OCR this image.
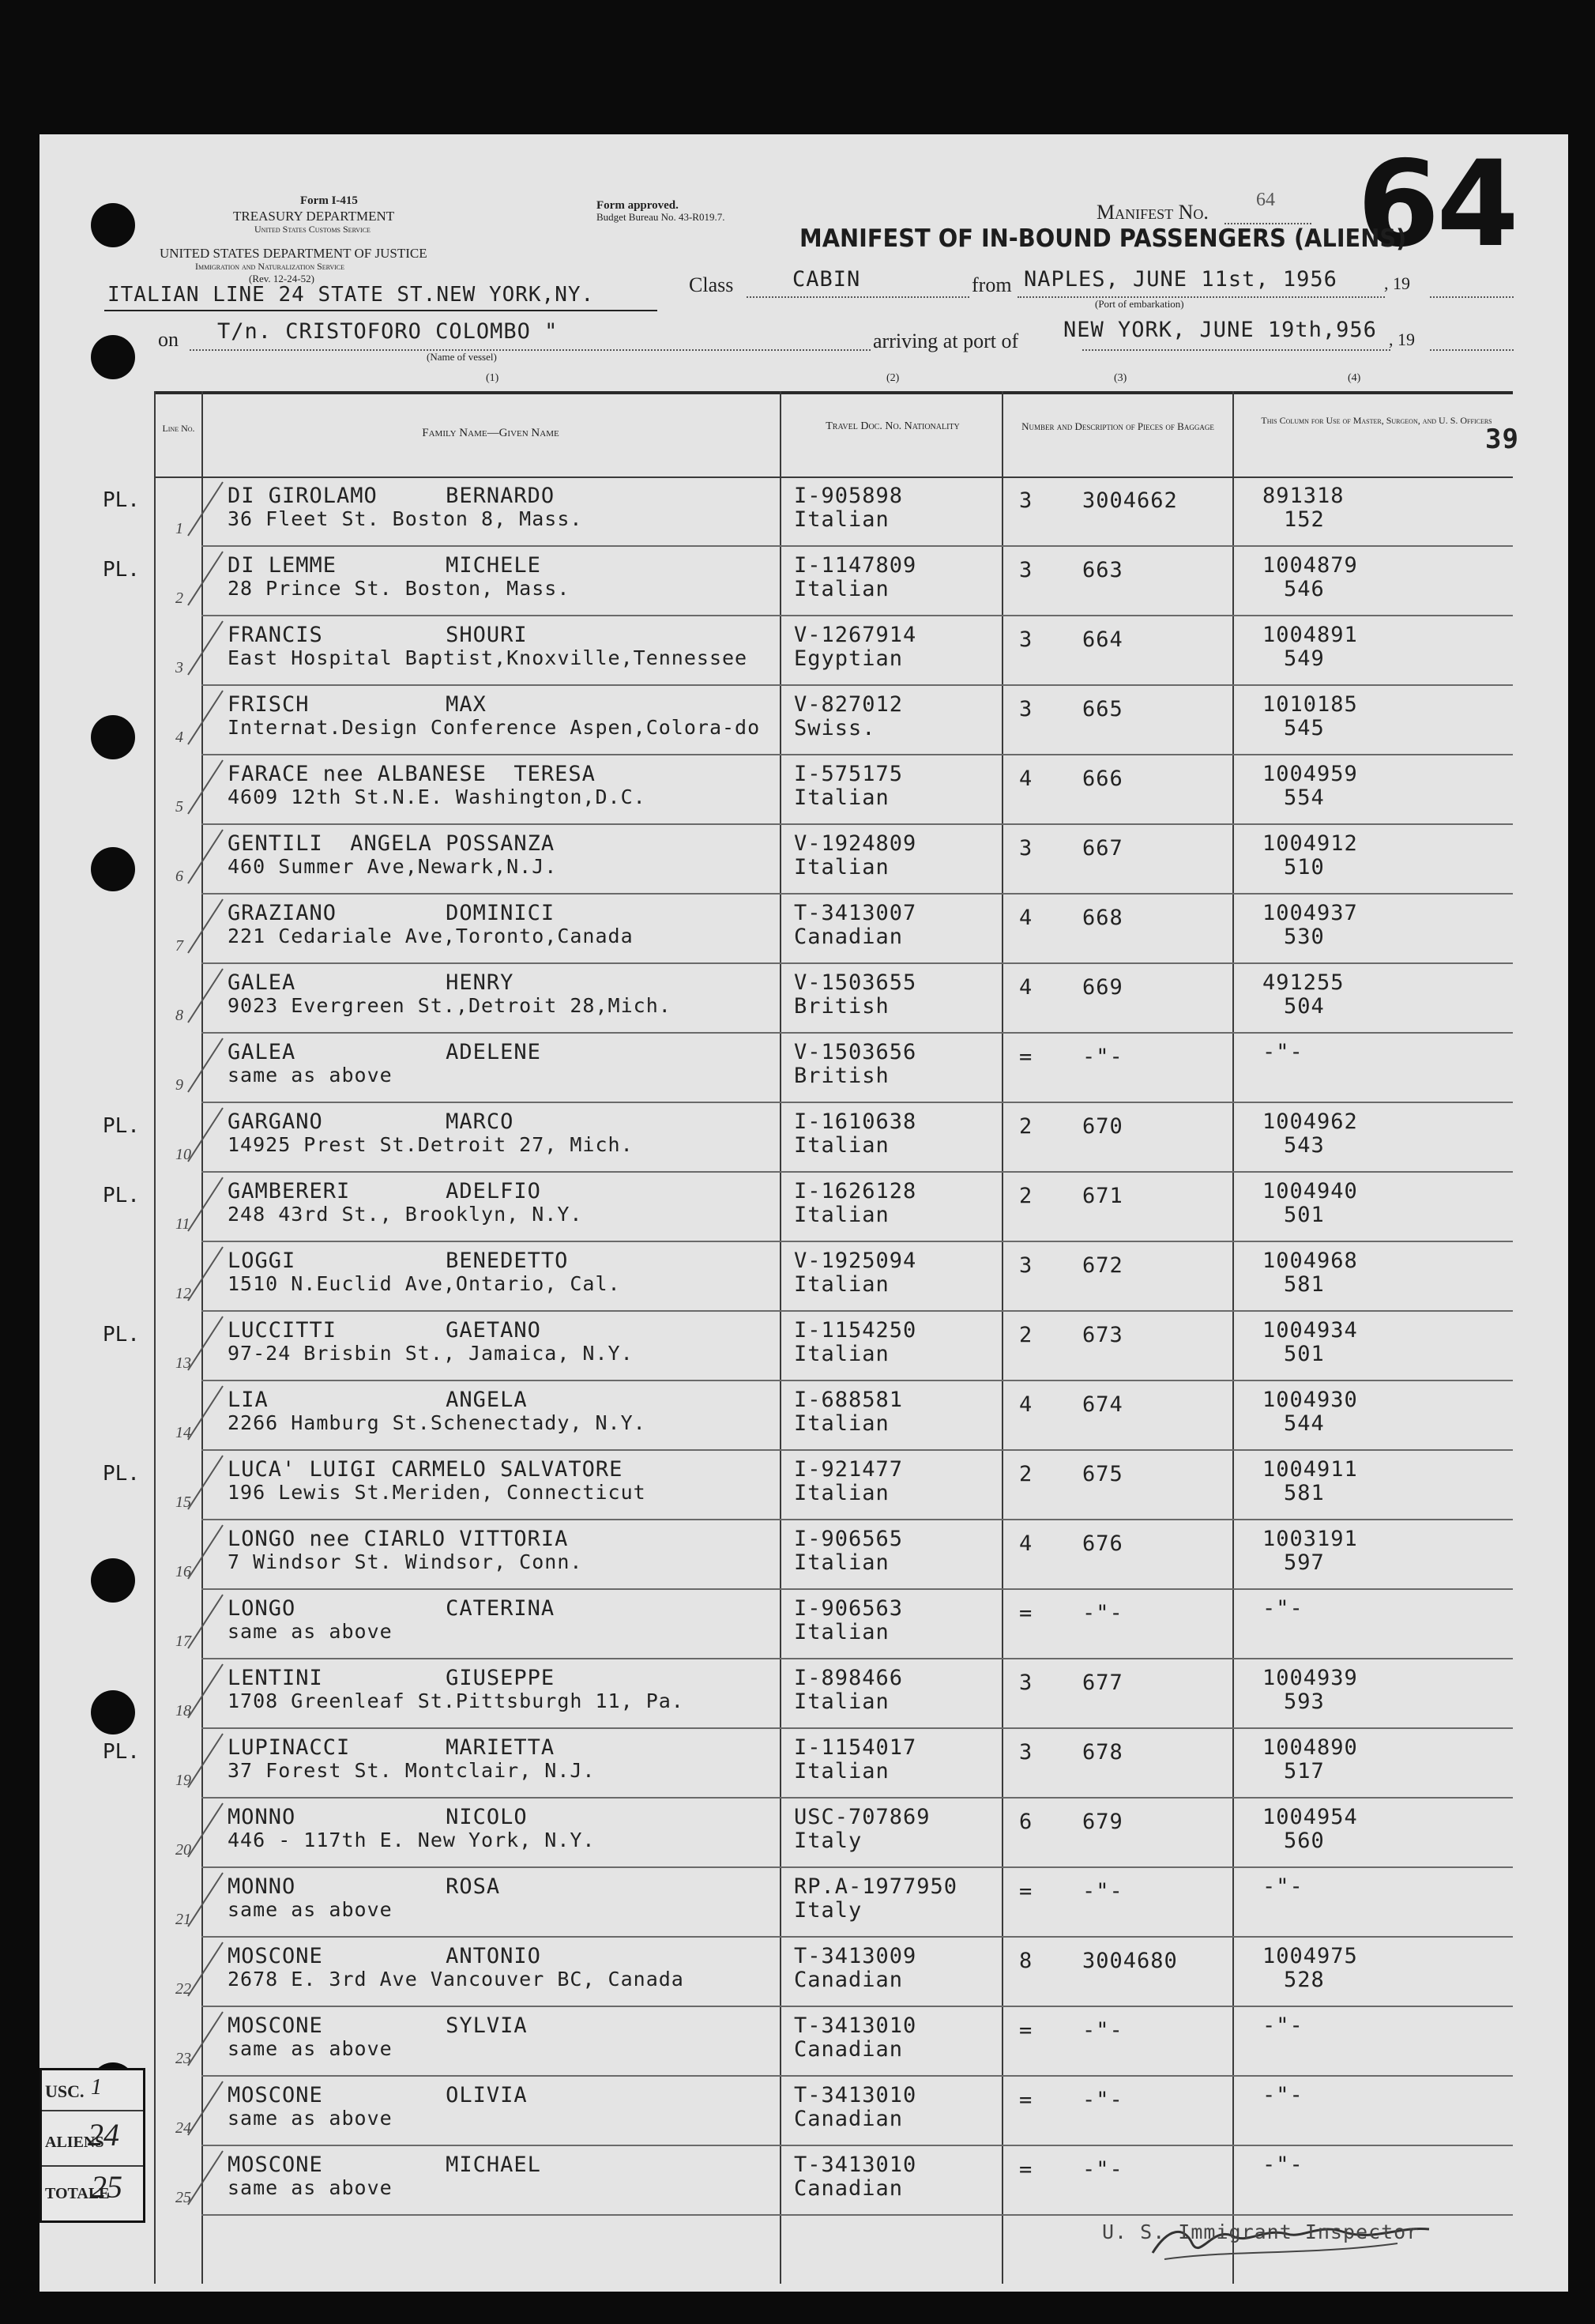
Form I-415
TREASURY DEPARTMENT
United States Customs Service
UNITED STATES DEPARTMENT OF JUSTICE
Immigration and Naturalization Service
(Rev. 12-24-52)
ITALIAN LINE 24 STATE ST.NEW YORK,NY.
Form approved.
Budget Bureau No. 43-R019.7.	Manifest No.
64 64
MANIFEST OF IN-BOUND PASSENGERS (ALIENS)
Class	CABIN	from NAPLES, JUNE 11st, 1956	, 19
(Port of embarkation)
on T/n. CRISTOFORO COLOMBO "
(Name of vessel)
arriving at port of NEW YORK, JUNE 19th,956 , 19
(1)	(2)	(3)	(4)
Line No.	Family Name—Given Name
Travel Doc. No. Nationality	Number and Description of Pieces of Baggage	This Column for Use of Master, Surgeon, and U. S. Officers
39
PL.
1
DI GIROLAMO     BERNARDO
36 Fleet St. Boston 8, Mass.
I-905898
Italian
3 3004662	891318
152
PL.
2
DI LEMME        MICHELE
28 Prince St. Boston, Mass.
I-1147809
Italian
3 663	1004879
546
3
FRANCIS         SHOURI
East Hospital Baptist,Knoxville,Tennessee
V-1267914
Egyptian
3 664	1004891
549
4
FRISCH          MAX
Internat.Design Conference Aspen,Colora-do
V-827012
Swiss.
3 665	1010185
545
5
FARACE nee ALBANESE  TERESA
4609 12th St.N.E. Washington,D.C.
I-575175
Italian
4 666	1004959
554
6
GENTILI  ANGELA POSSANZA
460 Summer Ave,Newark,N.J.
V-1924809
Italian
3 667	1004912
510
7
GRAZIANO        DOMINICI
221 Cedariale Ave,Toronto,Canada
T-3413007
Canadian
4 668	1004937
530
8
GALEA           HENRY
9023 Evergreen St.,Detroit 28,Mich.
V-1503655
British
4 669	491255
504
9
GALEA           ADELENE
same as above
V-1503656
British
= -"-	-"-
PL.
10
GARGANO         MARCO
14925 Prest St.Detroit 27, Mich.
I-1610638
Italian
2 670	1004962
543
PL.
11
GAMBERERI       ADELFIO
248 43rd St., Brooklyn, N.Y.
I-1626128
Italian
2 671	1004940
501
12
LOGGI           BENEDETTO
1510 N.Euclid Ave,Ontario, Cal.
V-1925094
Italian
3 672	1004968
581
PL.
13
LUCCITTI        GAETANO
97-24 Brisbin St., Jamaica, N.Y.
I-1154250
Italian
2 673	1004934
501
14
LIA             ANGELA
2266 Hamburg St.Schenectady, N.Y.
I-688581
Italian
4 674	1004930
544
PL.
15
LUCA' LUIGI CARMELO SALVATORE
196 Lewis St.Meriden, Connecticut
I-921477
Italian
2 675	1004911
581
16
LONGO nee CIARLO VITTORIA
7 Windsor St. Windsor, Conn.
I-906565
Italian
4 676	1003191
597
17
LONGO           CATERINA
same as above
I-906563
Italian
= -"-	-"-
18
LENTINI         GIUSEPPE
1708 Greenleaf St.Pittsburgh 11, Pa.
I-898466
Italian
3 677	1004939
593
PL.
19
LUPINACCI       MARIETTA
37 Forest St. Montclair, N.J.
I-1154017
Italian
3 678	1004890
517
20
MONNO           NICOLO
446 - 117th E. New York, N.Y.
USC-707869
Italy
6 679	1004954
560
21
MONNO           ROSA
same as above
RP.A-1977950
Italy
= -"-	-"-
22
MOSCONE         ANTONIO
2678 E. 3rd Ave Vancouver BC, Canada
T-3413009
Canadian
8 3004680	1004975
528
23
MOSCONE         SYLVIA
same as above
T-3413010
Canadian
= -"-	-"-
24
MOSCONE         OLIVIA
same as above
T-3413010
Canadian
= -"-	-"-
25
MOSCONE         MICHAEL
same as above
T-3413010
Canadian
= -"-	-"-

USC.

1

ALIENS

24

TOTALE

25

U. S. Immigrant Inspector
